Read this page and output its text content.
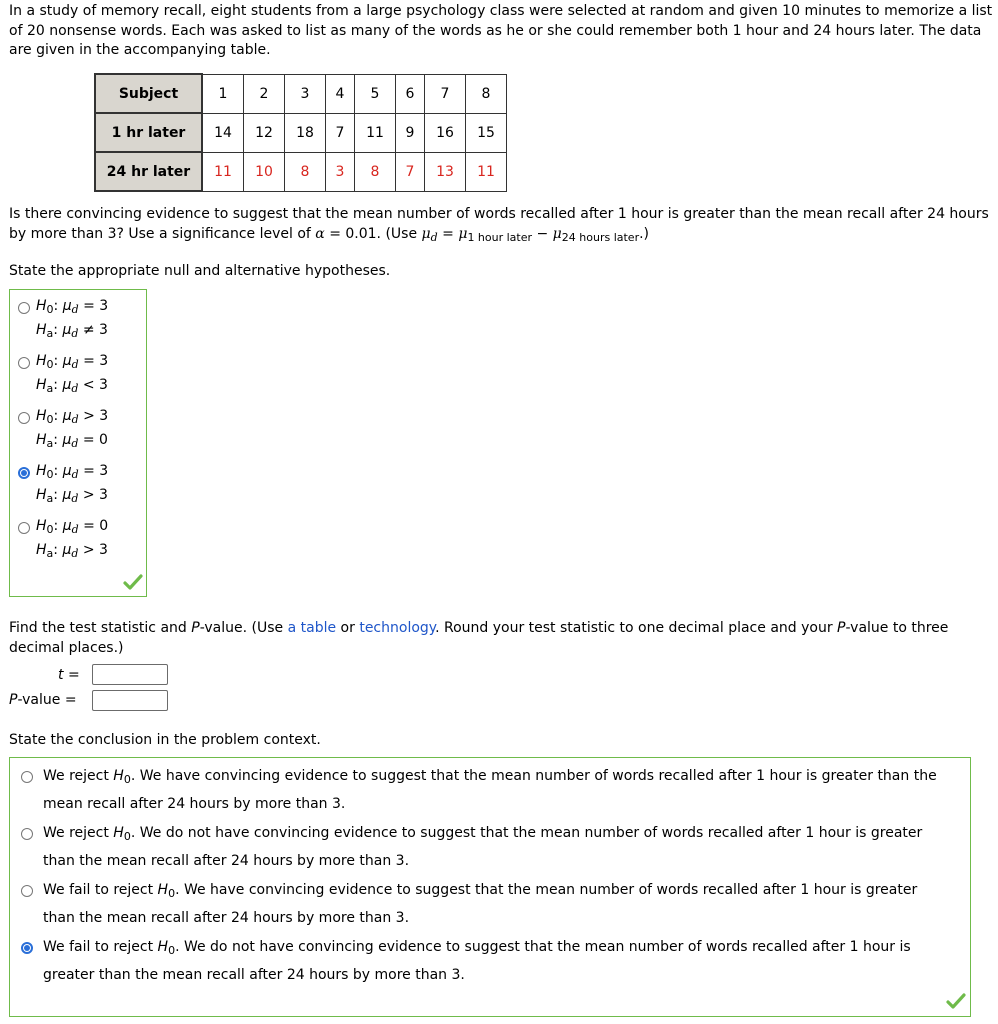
In a study of memory recall, eight students from a large psychology class were selected at random and given 10 minutes to memorize a list of 20 nonsense words. Each was asked to list as many of the words as he or she could remember both 1 hour and 24 hours later. The data are given in the accompanying table.

Subject	1	2	3	4	5	6	7	8
1 hr later	14	12	18	7	11	9	16	15
24 hr later	11	10	8	3	8	7	13	11
Is there convincing evidence to suggest that the mean number of words recalled after 1 hour is greater than the mean recall after 24 hours
by more than 3? Use a significance level of α = 0.01. (Use $\mu_d = \mu_{1 hour later} - \mu_{24 hours later}$.)

State the appropriate null and alternative hypotheses.

$H_0$: $\mu_d = 3$
$H_a$: $\mu_d \ne 3$
$H_0$: $\mu_d = 3$
$H_a$: $\mu_d < 3$
$H_0$: $\mu_d > 3$
$H_a$: $\mu_d = 0$
$H_0$: $\mu_d = 3$
$H_a$: $\mu_d > 3$
$H_0$: $\mu_d = 0$
$H_a$: $\mu_d > 3$
Find the test statistic and P-value. (Use a table or technology. Round your test statistic to one decimal place and your P-value to three
decimal places.)
t =
P-value =

State the conclusion in the problem context.

We reject $H_0$. We have convincing evidence to suggest that the mean number of words recalled after 1 hour is greater than the mean recall after 24 hours by more than 3.
We reject $H_0$. We do not have convincing evidence to suggest that the mean number of words recalled after 1 hour is greater than the mean recall after 24 hours by more than 3.
We fail to reject $H_0$. We have convincing evidence to suggest that the mean number of words recalled after 1 hour is greater than the mean recall after 24 hours by more than 3.
We fail to reject $H_0$. We do not have convincing evidence to suggest that the mean number of words recalled after 1 hour is greater than the mean recall after 24 hours by more than 3.
